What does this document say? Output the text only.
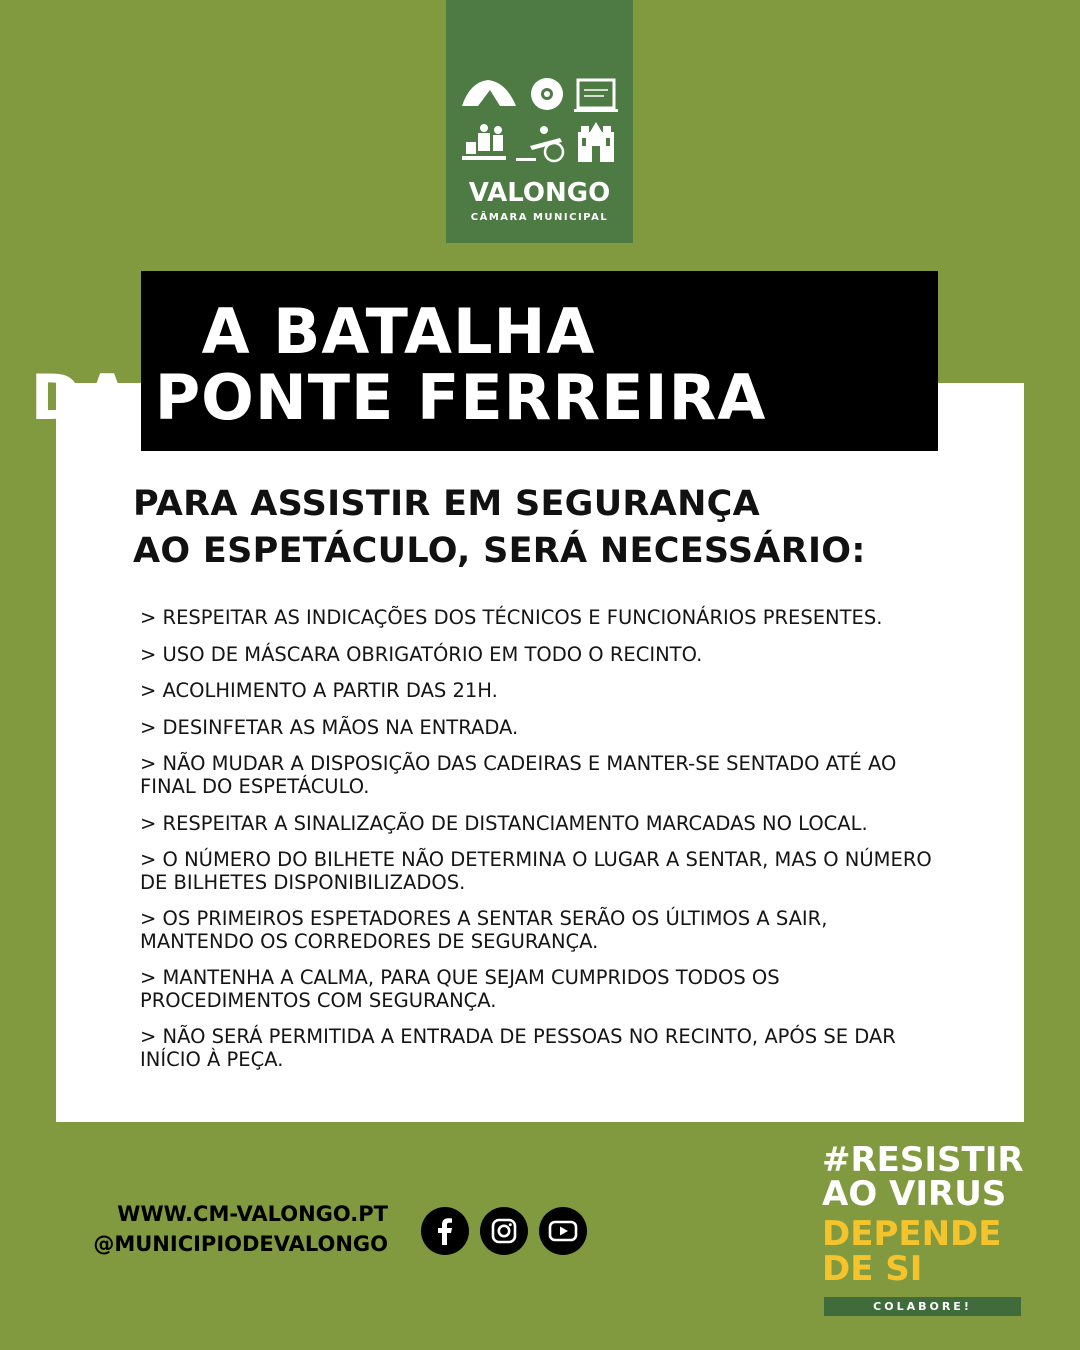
VALONGO
CÂMARA MUNICIPAL
A BATALHA
DA PONTE FERREIRA
PARA ASSISTIR EM SEGURANÇA
AO ESPETÁCULO, SERÁ NECESSÁRIO:
> RESPEITAR AS INDICAÇÕES DOS TÉCNICOS E FUNCIONÁRIOS PRESENTES.
> USO DE MÁSCARA OBRIGATÓRIO EM TODO O RECINTO.
> ACOLHIMENTO A PARTIR DAS 21H.
> DESINFETAR AS MÃOS NA ENTRADA.
> NÃO MUDAR A DISPOSIÇÃO DAS CADEIRAS E MANTER-SE SENTADO ATÉ AO FINAL DO ESPETÁCULO.
> RESPEITAR A SINALIZAÇÃO DE DISTANCIAMENTO MARCADAS NO LOCAL.
> O NÚMERO DO BILHETE NÃO DETERMINA O LUGAR A SENTAR, MAS O NÚMERO DE BILHETES DISPONIBILIZADOS.
> OS PRIMEIROS ESPETADORES A SENTAR SERÃO OS ÚLTIMOS A SAIR, MANTENDO OS CORREDORES DE SEGURANÇA.
> MANTENHA A CALMA, PARA QUE SEJAM CUMPRIDOS TODOS OS PROCEDIMENTOS COM SEGURANÇA.
> NÃO SERÁ PERMITIDA A ENTRADA DE PESSOAS NO RECINTO, APÓS SE DAR INÍCIO À PEÇA.
WWW.CM-VALONGO.PT
@MUNICIPIODEVALONGO
#RESISTIR
AO VIRUS
DEPENDE
DE SI
COLABORE!
